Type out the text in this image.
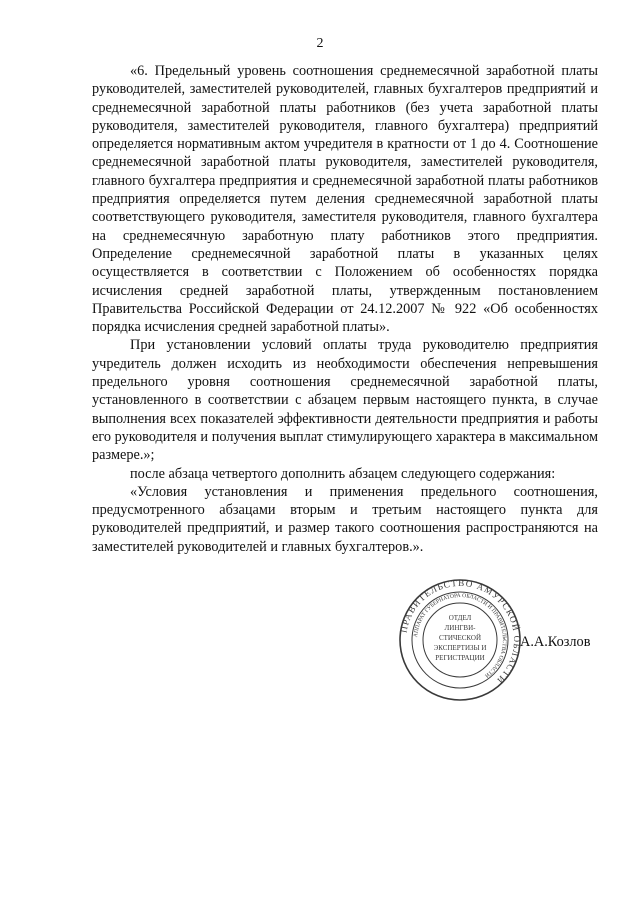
2

«6. Предельный уровень соотношения среднемесячной заработной платы руководителей, заместителей руководителей, главных бухгалтеров предприятий и среднемесячной заработной платы работников (без учета заработной платы руководителя, заместителей руководителя, главного бухгалтера) предприятий определяется нормативным актом учредителя в кратности от 1 до 4. Соотношение среднемесячной заработной платы руководителя, заместителей руководителя, главного бухгалтера предприятия и среднемесячной заработной платы работников предприятия определяется путем деления среднемесячной заработной платы соответствующего руководителя, заместителя руководителя, главного бухгалтера на среднемесячную заработную плату работников этого предприятия. Определение среднемесячной заработной платы в указанных целях осуществляется в соответствии с Положением об особенностях порядка исчисления средней заработной платы, утвержденным постановлением Правительства Российской Федерации от 24.12.2007 № 922 «Об особенностях порядка исчисления средней заработной платы».

При установлении условий оплаты труда руководителю предприятия учредитель должен исходить из необходимости обеспечения непревышения предельного уровня соотношения среднемесячной заработной платы, установленного в соответствии с абзацем первым настоящего пункта, в случае выполнения всех показателей эффективности деятельности предприятия и работы его руководителя и получения выплат стимулирующего характера в максимальном размере.»;

после абзаца четвертого дополнить абзацем следующего содержания:

«Условия установления и применения предельного соотношения, предусмотренного абзацами вторым и третьим настоящего пункта для руководителей предприятий, и размер такого соотношения распространяются на заместителей руководителей и главных бухгалтеров.».

ПРАВИТЕЛЬСТВО АМУРСКОЙ ОБЛАСТИ
АППАРАТ ГУБЕРНАТОРА ОБЛАСТИ И ПРАВИТЕЛЬСТВА ОБЛАСТИ
ОТДЕЛ
ЛИНГВИ-
СТИЧЕСКОЙ
ЭКСПЕРТИЗЫ И
РЕГИСТРАЦИИ
А.А.Козлов
